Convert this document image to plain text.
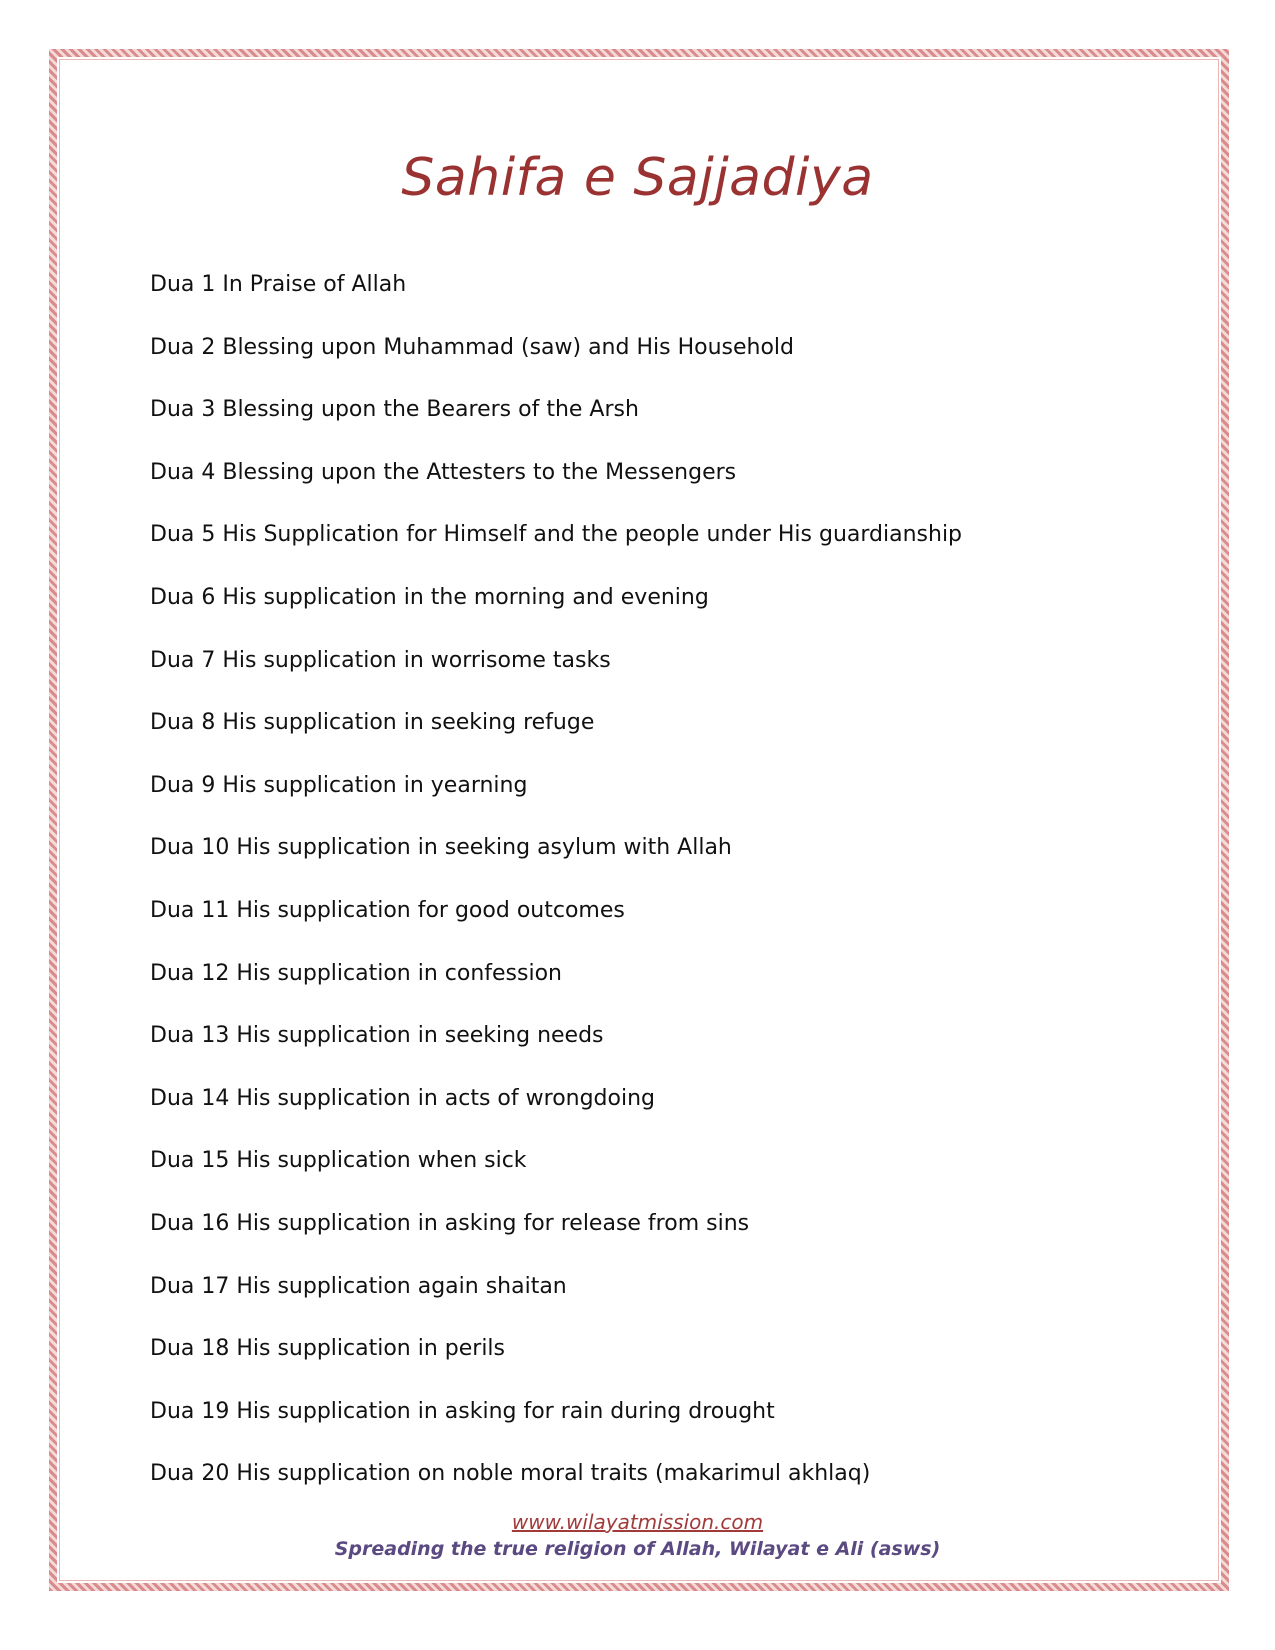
Sahifa e Sajjadiya
Dua 1 In Praise of Allah
Dua 2 Blessing upon Muhammad (saw) and His Household
Dua 3 Blessing upon the Bearers of the Arsh
Dua 4 Blessing upon the Attesters to the Messengers
Dua 5 His Supplication for Himself and the people under His guardianship
Dua 6 His supplication in the morning and evening
Dua 7 His supplication in worrisome tasks
Dua 8 His supplication in seeking refuge
Dua 9 His supplication in yearning
Dua 10 His supplication in seeking asylum with Allah
Dua 11 His supplication for good outcomes
Dua 12 His supplication in confession
Dua 13 His supplication in seeking needs
Dua 14 His supplication in acts of wrongdoing
Dua 15 His supplication when sick
Dua 16 His supplication in asking for release from sins
Dua 17 His supplication again shaitan
Dua 18 His supplication in perils
Dua 19 His supplication in asking for rain during drought
Dua 20 His supplication on noble moral traits (makarimul akhlaq)
www.wilayatmission.com
Spreading the true religion of Allah, Wilayat e Ali (asws)
